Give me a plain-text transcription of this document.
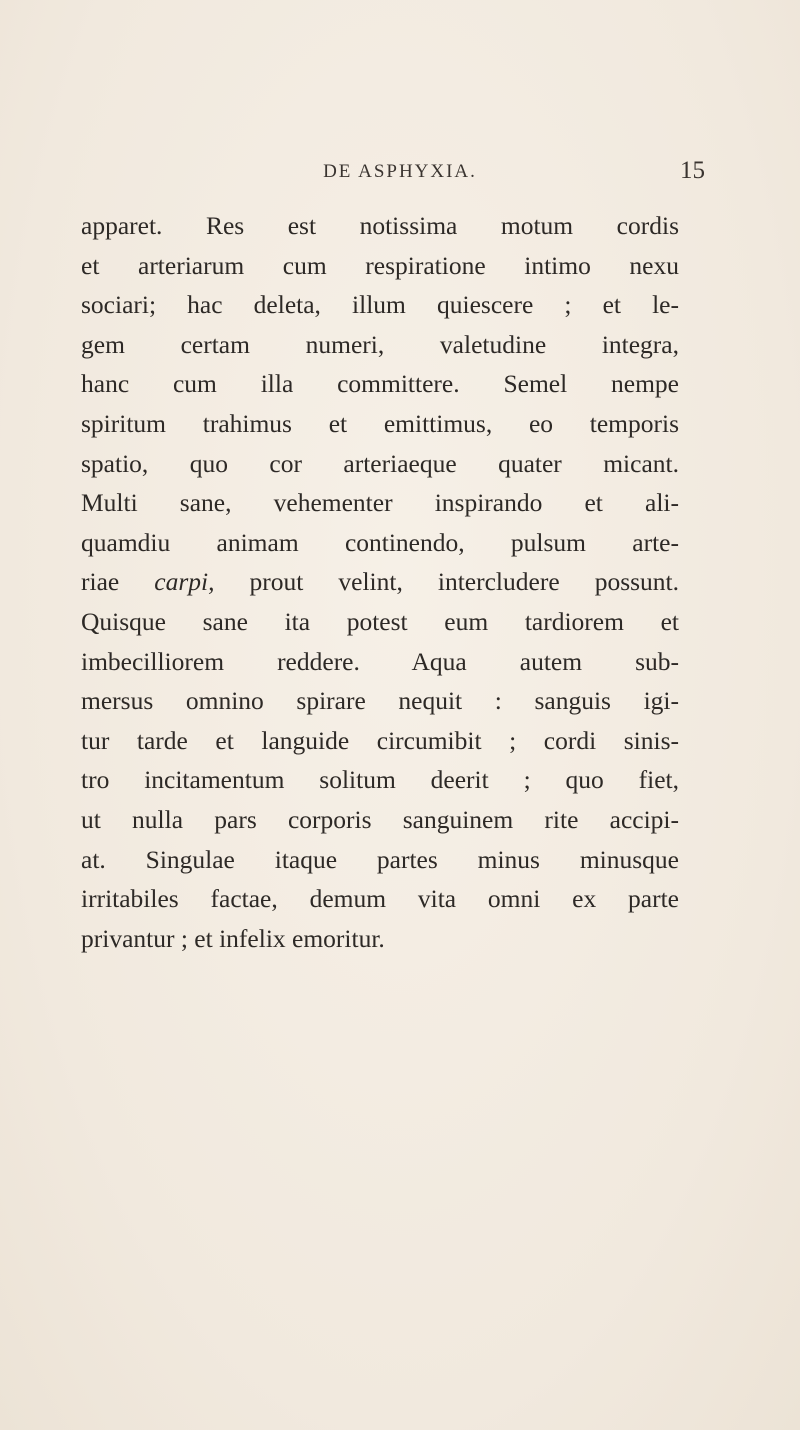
DE ASPHYXIA.	15
apparet. Res est notissima motum cordis
et arteriarum cum respiratione intimo nexu
sociari; hac deleta, illum quiescere ; et le-
gem certam numeri, valetudine integra,
hanc cum illa committere. Semel nempe
spiritum trahimus et emittimus, eo temporis
spatio, quo cor arteriaeque quater micant.
Multi sane, vehementer inspirando et ali-
quamdiu animam continendo, pulsum arte-
riae carpi, prout velint, intercludere possunt.
Quisque sane ita potest eum tardiorem et
imbecilliorem reddere. Aqua autem sub-
mersus omnino spirare nequit : sanguis igi-
tur tarde et languide circumibit ; cordi sinis-
tro incitamentum solitum deerit ; quo fiet,
ut nulla pars corporis sanguinem rite accipi-
at. Singulae itaque partes minus minusque
irritabiles factae, demum vita omni ex parte
privantur ; et infelix emoritur.
